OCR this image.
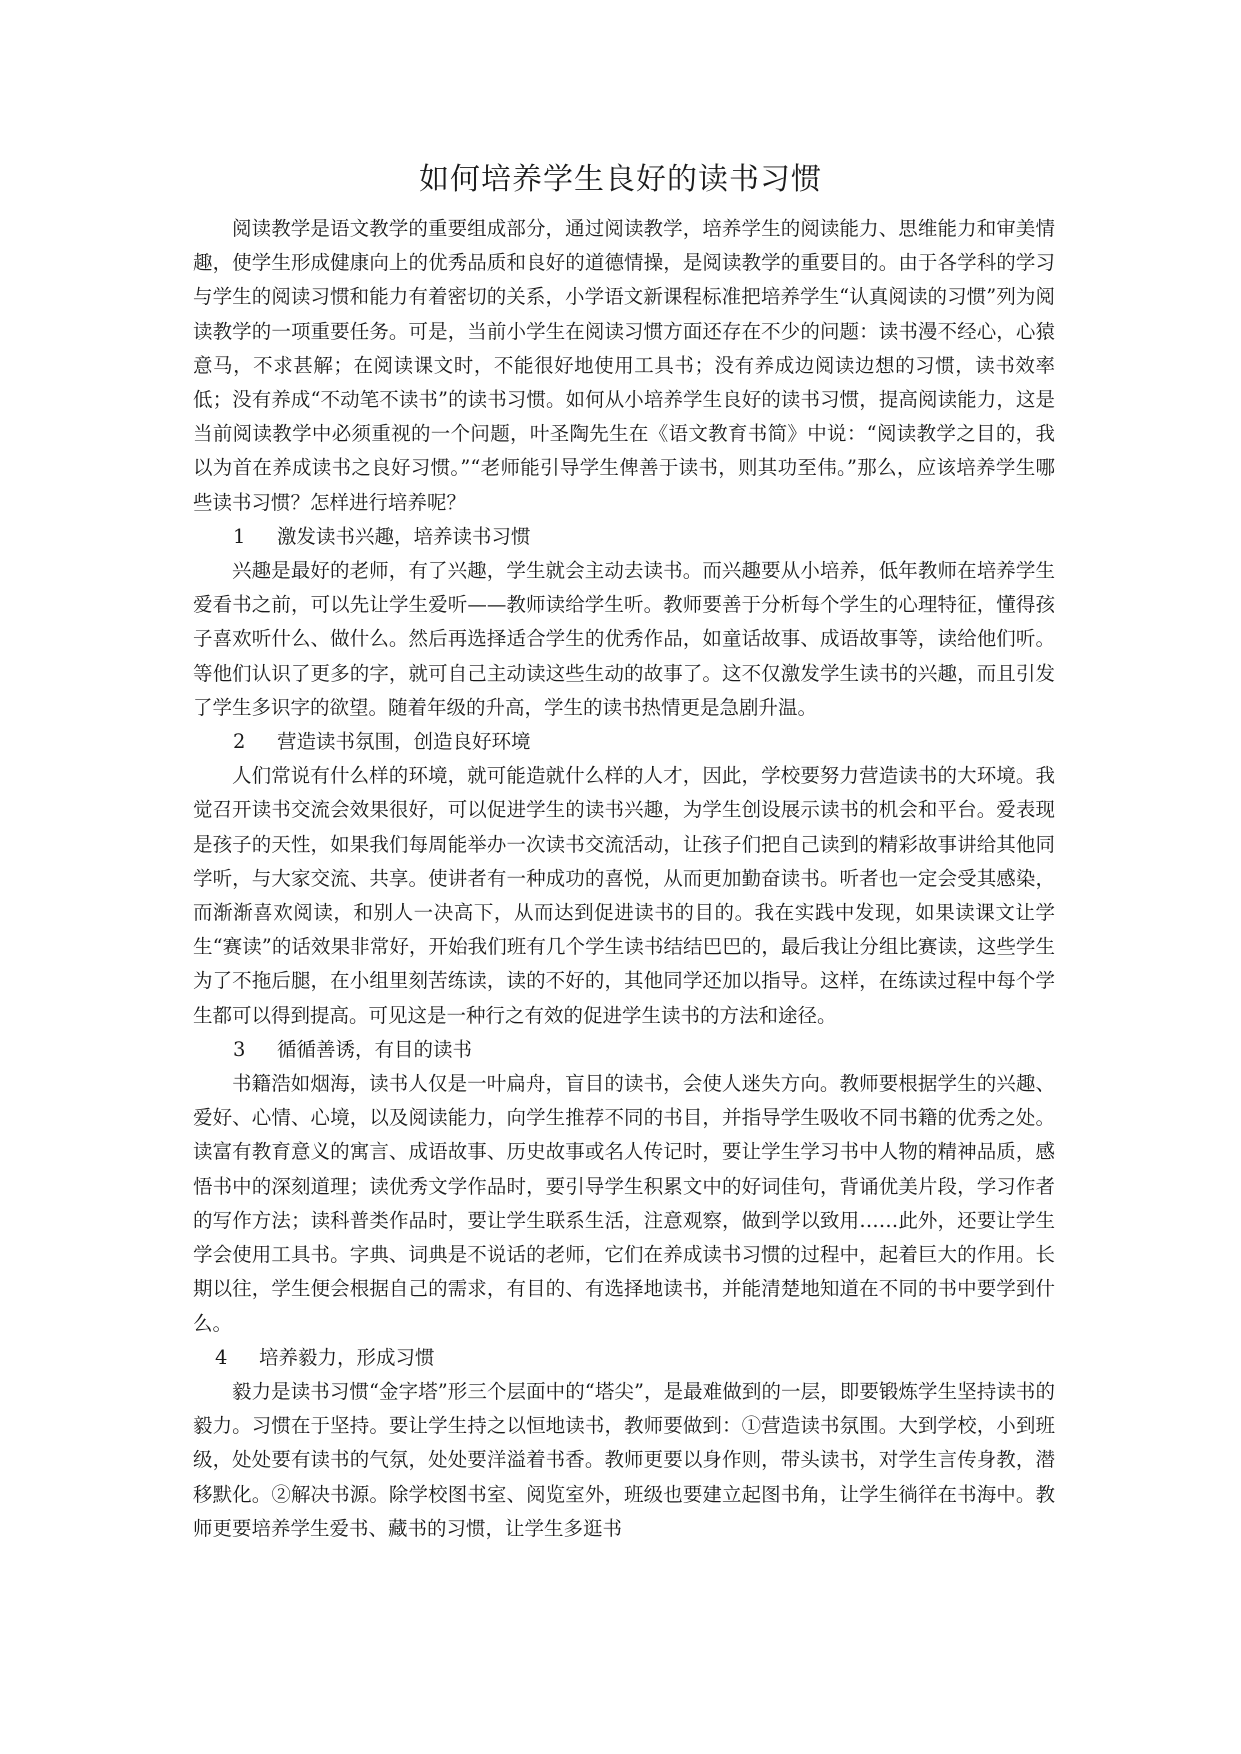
如何培养学生良好的读书习惯

阅读教学是语文教学的重要组成部分，通过阅读教学，培养学生的阅读能力、思维能力和审美情趣，使学生形成健康向上的优秀品质和良好的道德情操，是阅读教学的重要目的。由于各学科的学习与学生的阅读习惯和能力有着密切的关系，小学语文新课程标准把培养学生“认真阅读的习惯”列为阅读教学的一项重要任务。可是，当前小学生在阅读习惯方面还存在不少的问题：读书漫不经心，心猿意马，不求甚解；在阅读课文时，不能很好地使用工具书；没有养成边阅读边想的习惯，读书效率低；没有养成“不动笔不读书”的读书习惯。如何从小培养学生良好的读书习惯，提高阅读能力，这是当前阅读教学中必须重视的一个问题，叶圣陶先生在《语文教育书简》中说：“阅读教学之目的，我以为首在养成读书之良好习惯。”“老师能引导学生俾善于读书，则其功至伟。”那么，应该培养学生哪些读书习惯？怎样进行培养呢？

1 激发读书兴趣，培养读书习惯

兴趣是最好的老师，有了兴趣，学生就会主动去读书。而兴趣要从小培养，低年教师在培养学生爱看书之前，可以先让学生爱听——教师读给学生听。教师要善于分析每个学生的心理特征，懂得孩子喜欢听什么、做什么。然后再选择适合学生的优秀作品，如童话故事、成语故事等，读给他们听。等他们认识了更多的字，就可自己主动读这些生动的故事了。这不仅激发学生读书的兴趣，而且引发了学生多识字的欲望。随着年级的升高，学生的读书热情更是急剧升温。

2 营造读书氛围，创造良好环境

人们常说有什么样的环境，就可能造就什么样的人才，因此，学校要努力营造读书的大环境。我觉召开读书交流会效果很好，可以促进学生的读书兴趣，为学生创设展示读书的机会和平台。爱表现是孩子的天性，如果我们每周能举办一次读书交流活动，让孩子们把自己读到的精彩故事讲给其他同学听，与大家交流、共享。使讲者有一种成功的喜悦，从而更加勤奋读书。听者也一定会受其感染，而渐渐喜欢阅读，和别人一决高下，从而达到促进读书的目的。我在实践中发现，如果读课文让学生“赛读”的话效果非常好，开始我们班有几个学生读书结结巴巴的，最后我让分组比赛读，这些学生为了不拖后腿，在小组里刻苦练读，读的不好的，其他同学还加以指导。这样，在练读过程中每个学生都可以得到提高。可见这是一种行之有效的促进学生读书的方法和途径。

3 循循善诱，有目的读书

书籍浩如烟海，读书人仅是一叶扁舟，盲目的读书，会使人迷失方向。教师要根据学生的兴趣、爱好、心情、心境，以及阅读能力，向学生推荐不同的书目，并指导学生吸收不同书籍的优秀之处。读富有教育意义的寓言、成语故事、历史故事或名人传记时，要让学生学习书中人物的精神品质，感悟书中的深刻道理；读优秀文学作品时，要引导学生积累文中的好词佳句，背诵优美片段，学习作者的写作方法；读科普类作品时，要让学生联系生活，注意观察，做到学以致用……此外，还要让学生学会使用工具书。字典、词典是不说话的老师，它们在养成读书习惯的过程中，起着巨大的作用。长期以往，学生便会根据自己的需求，有目的、有选择地读书，并能清楚地知道在不同的书中要学到什么。

4 培养毅力，形成习惯

毅力是读书习惯“金字塔”形三个层面中的“塔尖”，是最难做到的一层，即要锻炼学生坚持读书的毅力。习惯在于坚持。要让学生持之以恒地读书，教师要做到：①营造读书氛围。大到学校，小到班级，处处要有读书的气氛，处处要洋溢着书香。教师更要以身作则，带头读书，对学生言传身教，潜移默化。②解决书源。除学校图书室、阅览室外，班级也要建立起图书角，让学生徜徉在书海中。教师更要培养学生爱书、藏书的习惯，让学生多逛书
